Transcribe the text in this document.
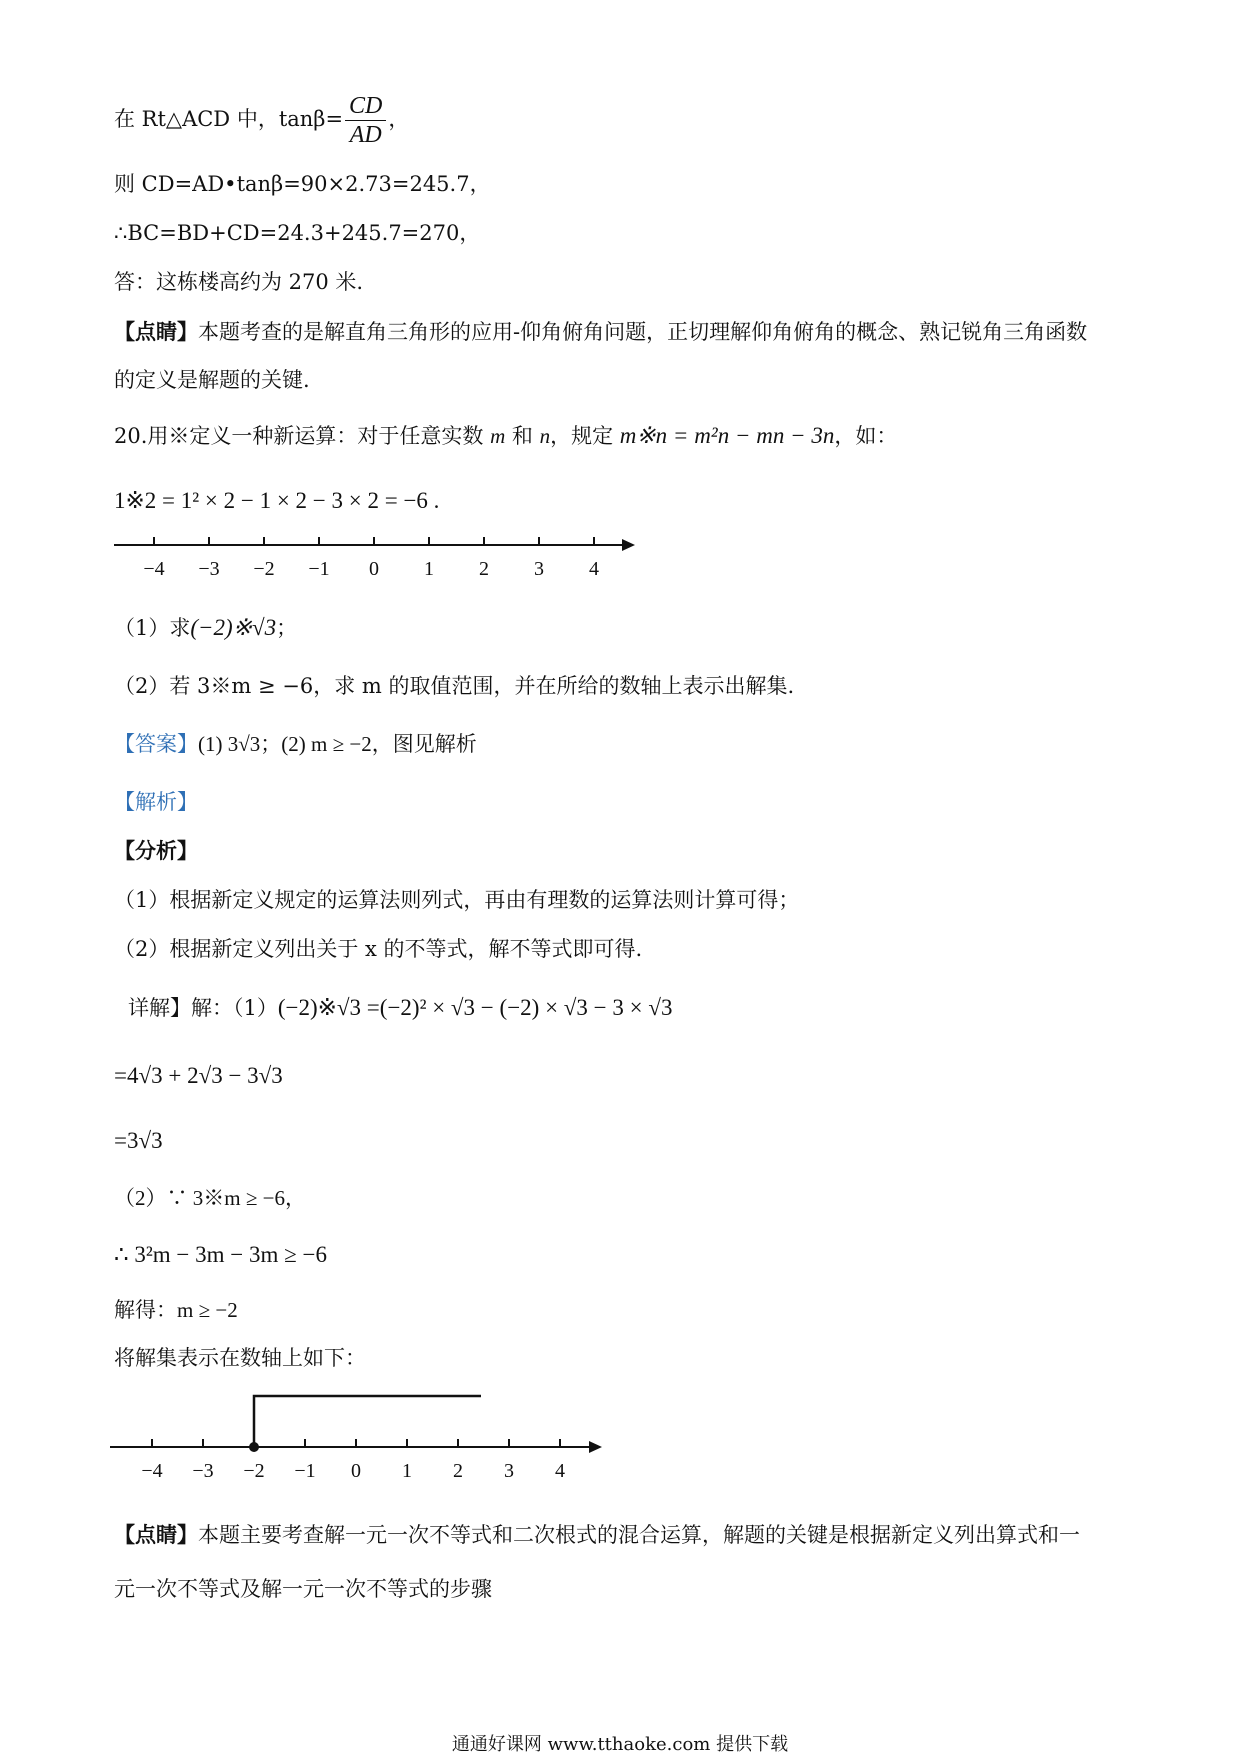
在 Rt△ACD 中，$\tan\beta= \frac{CD}{AD}$ ，
则 CD=AD•tanβ=90×2.73=245.7，
∴BC=BD+CD=24.3+245.7=270，
答：这栋楼高约为 270 米.
【点睛】本题考查的是解直角三角形的应用-仰角俯角问题，正切理解仰角俯角的概念、熟记锐角三角函数
的定义是解题的关键.
20.用※定义一种新运算：对于任意实数 m 和 n，规定 m※n = m²n − mn − 3n，如：
1※2 = 1² × 2 − 1 × 2 − 3 × 2 = −6 .
−4 −3 −2 −1 0 1 2 3 4
（1）求(−2)※√3；
（2）若 3※m ≥ −6，求 m 的取值范围，并在所给的数轴上表示出解集.
【答案】(1) 3√3；(2) m ≥ −2，图见解析
【解析】
【分析】
（1）根据新定义规定的运算法则列式，再由有理数的运算法则计算可得；
（2）根据新定义列出关于 x 的不等式，解不等式即可得.
详解】解：（1）(−2)※√3 =(−2)² × √3 − (−2) × √3 − 3 × √3
=4√3 + 2√3 − 3√3
=3√3
（2）∵ 3※m ≥ −6，
∴ 3²m − 3m − 3m ≥ −6
解得：m ≥ −2
将解集表示在数轴上如下：
−4 −3 −2 −1 0 1 2 3 4
【点睛】本题主要考查解一元一次不等式和二次根式的混合运算，解题的关键是根据新定义列出算式和一
元一次不等式及解一元一次不等式的步骤
通通好课网 www.tthaoke.com 提供下载
